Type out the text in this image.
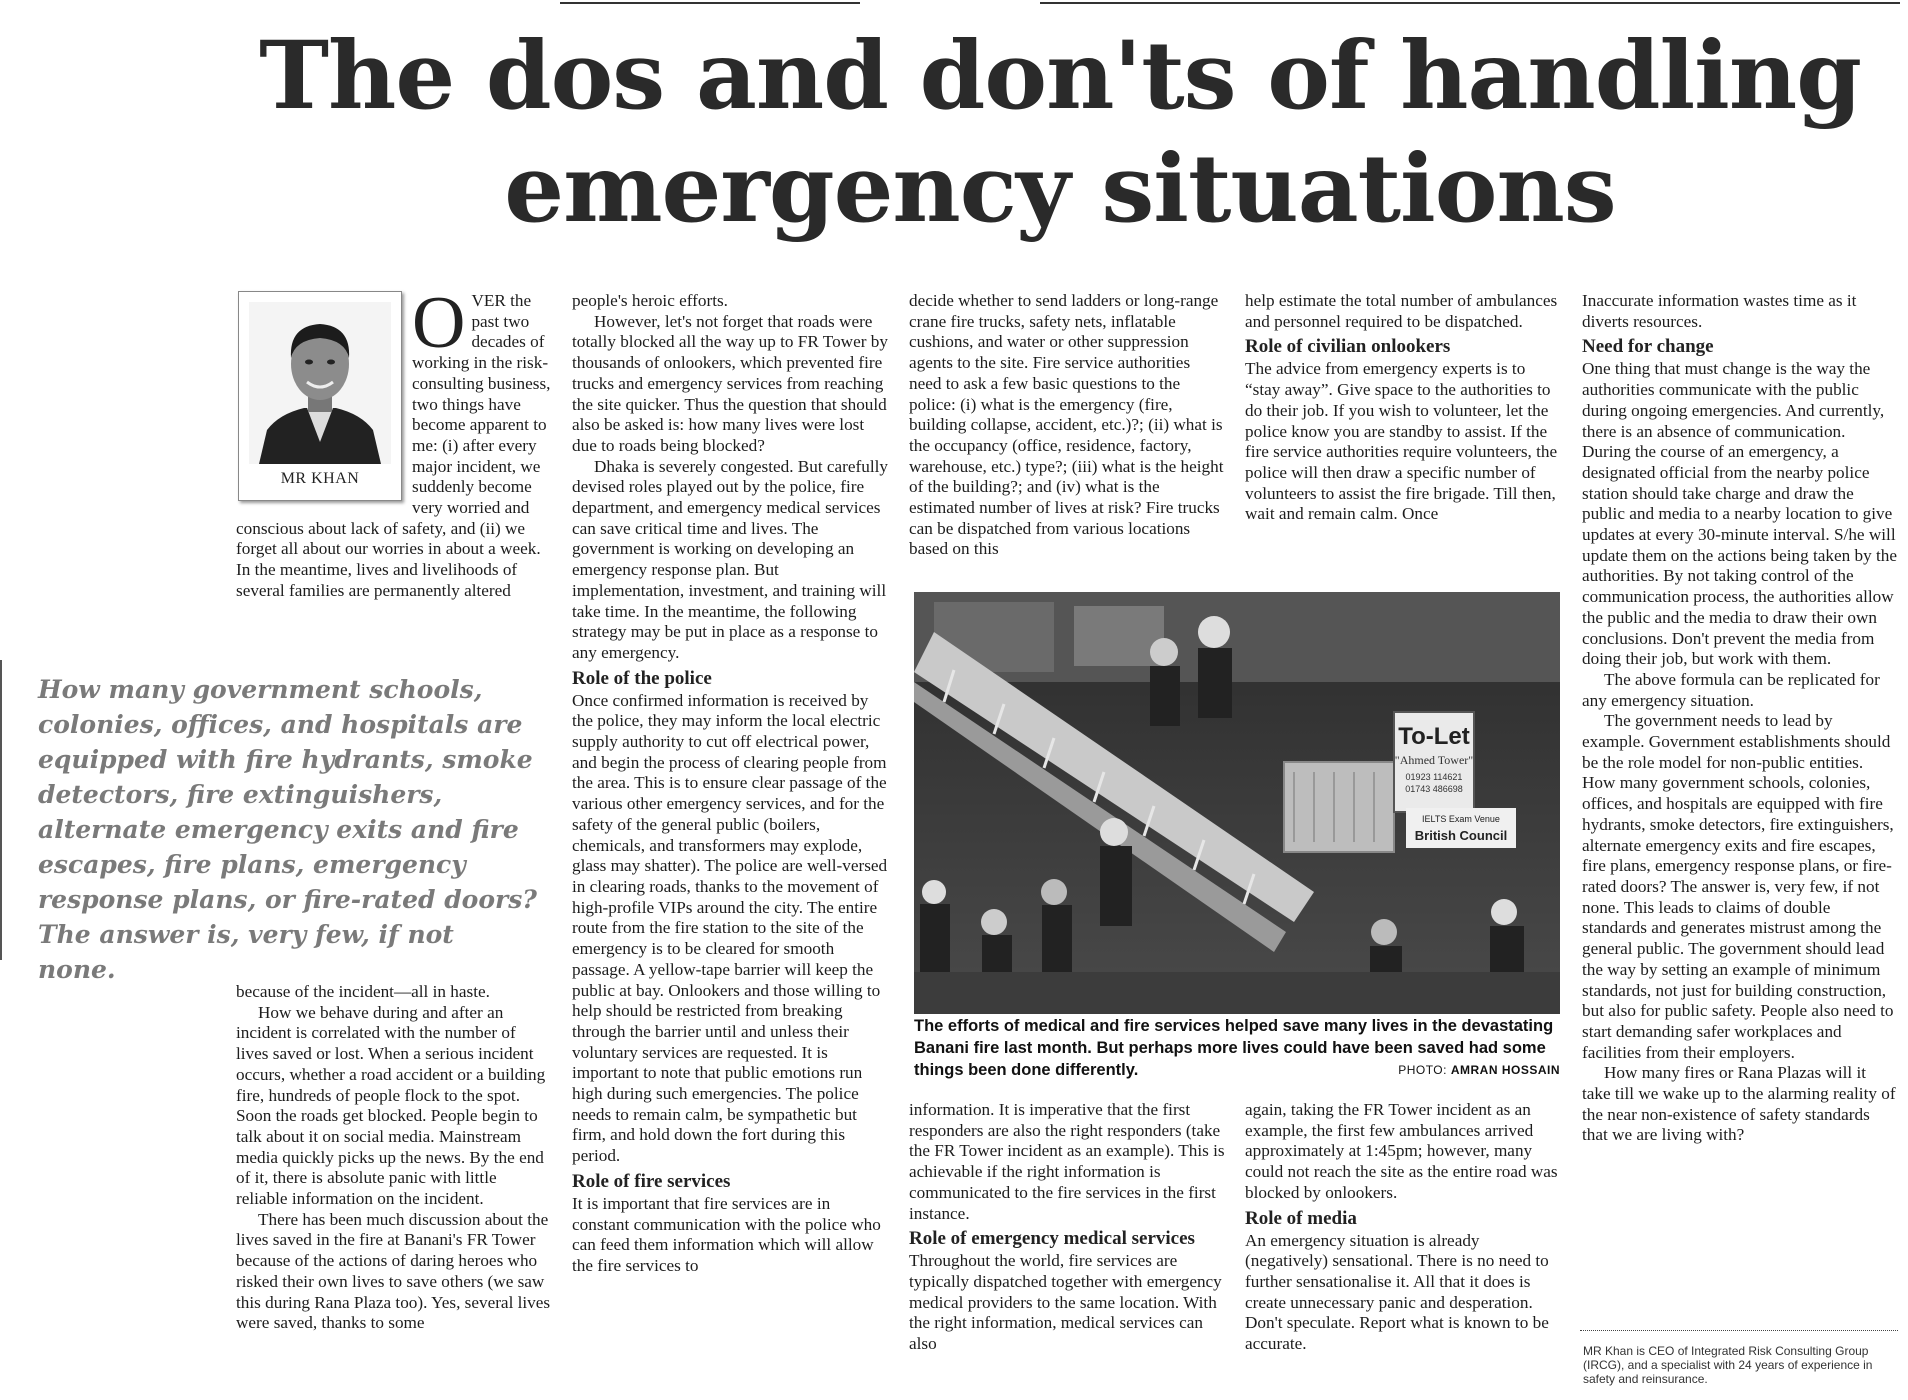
The dos and don'ts of handling emergency situations
MR KHAN
O VER the past two decades of working in the risk-consulting business, two things have become apparent to me: (i) after every major incident, we suddenly become very worried and conscious about lack of safety, and (ii) we forget all about our worries in about a week. In the meantime, lives and livelihoods of several families are permanently altered
How many government schools, colonies, offices, and hospitals are equipped with fire hydrants, smoke detectors, fire extinguishers, alternate emergency exits and fire escapes, fire plans, emergency response plans, or fire-rated doors? The answer is, very few, if not none.

because of the incident—all in haste.

How we behave during and after an incident is correlated with the number of lives saved or lost. When a serious incident occurs, whether a road accident or a building fire, hundreds of people flock to the spot. Soon the roads get blocked. People begin to talk about it on social media. Mainstream media quickly picks up the news. By the end of it, there is absolute panic with little reliable information on the incident.

There has been much discussion about the lives saved in the fire at Banani's FR Tower because of the actions of daring heroes who risked their own lives to save others (we saw this during Rana Plaza too). Yes, several lives were saved, thanks to some

people's heroic efforts.

However, let's not forget that roads were totally blocked all the way up to FR Tower by thousands of onlookers, which prevented fire trucks and emergency services from reaching the site quicker. Thus the question that should also be asked is: how many lives were lost due to roads being blocked?

Dhaka is severely congested. But carefully devised roles played out by the police, fire department, and emergency medical services can save critical time and lives. The government is working on developing an emergency response plan. But implementation, investment, and training will take time. In the meantime, the following strategy may be put in place as a response to any emergency.

Role of the police

Once confirmed information is received by the police, they may inform the local electric supply authority to cut off electrical power, and begin the process of clearing people from the area. This is to ensure clear passage of the various other emergency services, and for the safety of the general public (boilers, chemicals, and transformers may explode, glass may shatter). The police are well-versed in clearing roads, thanks to the movement of high-profile VIPs around the city. The entire route from the fire station to the site of the emergency is to be cleared for smooth passage. A yellow-tape barrier will keep the public at bay. Onlookers and those willing to help should be restricted from breaking through the barrier until and unless their voluntary services are requested. It is important to note that public emotions run high during such emergencies. The police needs to remain calm, be sympathetic but firm, and hold down the fort during this period.

Role of fire services

It is important that fire services are in constant communication with the police who can feed them information which will allow the fire services to

decide whether to send ladders or long-range crane fire trucks, safety nets, inflatable cushions, and water or other suppression agents to the site. Fire service authorities need to ask a few basic questions to the police: (i) what is the emergency (fire, building collapse, accident, etc.)?; (ii) what is the occupancy (office, residence, factory, warehouse, etc.) type?; (iii) what is the height of the building?; and (iv) what is the estimated number of lives at risk? Fire trucks can be dispatched from various locations based on this

help estimate the total number of ambulances and personnel required to be dispatched.

Role of civilian onlookers

The advice from emergency experts is to “stay away”. Give space to the authorities to do their job. If you wish to volunteer, let the police know you are standby to assist. If the fire service authorities require volunteers, the police will then draw a specific number of volunteers to assist the fire brigade. Till then, wait and remain calm. Once

To-Let
"Ahmed Tower"
01923 114621
01743 486698
IELTS Exam Venue
British Council
The efforts of medical and fire services helped save many lives in the devastating Banani fire last month. But perhaps more lives could have been saved had some things been done differently.	PHOTO: AMRAN HOSSAIN

information. It is imperative that the first responders are also the right responders (take the FR Tower incident as an example). This is achievable if the right information is communicated to the fire services in the first instance.

Role of emergency medical services

Throughout the world, fire services are typically dispatched together with emergency medical providers to the same location. With the right information, medical services can also

again, taking the FR Tower incident as an example, the first few ambulances arrived approximately at 1:45pm; however, many could not reach the site as the entire road was blocked by onlookers.

Role of media

An emergency situation is already (negatively) sensational. There is no need to further sensationalise it. All that it does is create unnecessary panic and desperation. Don't speculate. Report what is known to be accurate.

Inaccurate information wastes time as it diverts resources.

Need for change

One thing that must change is the way the authorities communicate with the public during ongoing emergencies. And currently, there is an absence of communication. During the course of an emergency, a designated official from the nearby police station should take charge and draw the public and media to a nearby location to give updates at every 30-minute interval. S/he will update them on the actions being taken by the authorities. By not taking control of the communication process, the authorities allow the public and the media to draw their own conclusions. Don't prevent the media from doing their job, but work with them.

The above formula can be replicated for any emergency situation.

The government needs to lead by example. Government establishments should be the role model for non-public entities. How many government schools, colonies, offices, and hospitals are equipped with fire hydrants, smoke detectors, fire extinguishers, alternate emergency exits and fire escapes, fire plans, emergency response plans, or fire-rated doors? The answer is, very few, if not none. This leads to claims of double standards and generates mistrust among the general public. The government should lead the way by setting an example of minimum standards, not just for building construction, but also for public safety. People also need to start demanding safer workplaces and facilities from their employers.

How many fires or Rana Plazas will it take till we wake up to the alarming reality of the near non-existence of safety standards that we are living with?

MR Khan is CEO of Integrated Risk Consulting Group (IRCG), and a specialist with 24 years of experience in safety and reinsurance.
